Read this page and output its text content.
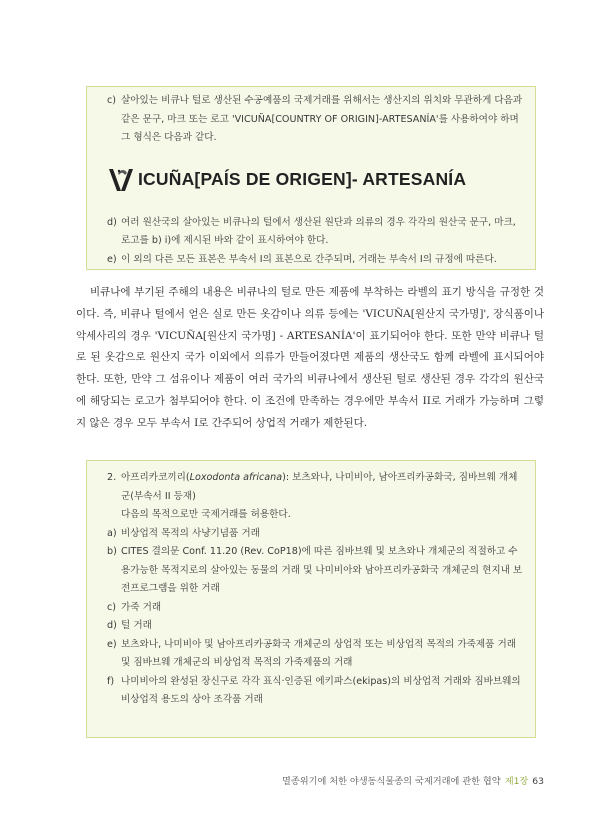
c) 살아있는 비큐나 털로 생산된 수공예품의 국제거래를 위해서는 생산지의 위치와 무관하게 다음과 같은 문구, 마크 또는 로고 'VICUÑA[COUNTRY OF ORIGIN]-ARTESANÍA'를 사용하여야 하며 그 형식은 다음과 같다.
ICUÑA[PAÍS DE ORIGEN]- ARTESANÍA
d) 여러 원산국의 살아있는 비큐나의 털에서 생산된 원단과 의류의 경우 각각의 원산국 문구, 마크, 로고를 b) ⅰ)에 제시된 바와 같이 표시하여야 한다.
e) 이 외의 다른 모든 표본은 부속서 I의 표본으로 간주되며, 거래는 부속서 I의 규정에 따른다.

비큐나에 부기된 주해의 내용은 비큐나의 털로 만든 제품에 부착하는 라벨의 표기 방식을 규정한 것이다. 즉, 비큐나 털에서 얻은 실로 만든 옷감이나 의류 등에는 'VICUÑA[원산지 국가명]', 장식품이나 악세사리의 경우 'VICUÑA[원산지 국가명] - ARTESANÍA'이 표기되어야 한다. 또한 만약 비큐나 털로 된 옷감으로 원산지 국가 이외에서 의류가 만들어졌다면 제품의 생산국도 함께 라벨에 표시되어야 한다. 또한, 만약 그 섬유이나 제품이 여러 국가의 비큐나에서 생산된 털로 생산된 경우 각각의 원산국에 해당되는 로고가 첨부되어야 한다. 이 조건에 만족하는 경우에만 부속서 II로 거래가 가능하며 그렇지 않은 경우 모두 부속서 I로 간주되어 상업적 거래가 제한된다.

2. 아프리카코끼리(Loxodonta africana): 보츠와나, 나미비아, 남아프리카공화국, 짐바브웨 개체군(부속서 II 등재)
다음의 목적으로만 국제거래를 허용한다.
a) 비상업적 목적의 사냥기념품 거래
b) CITES 결의문 Conf. 11.20 (Rev. CoP18)에 따른 짐바브웨 및 보츠와나 개체군의 적절하고 수용가능한 목적지로의 살아있는 동물의 거래 및 나미비아와 남아프리카공화국 개체군의 현지내 보전프로그램을 위한 거래
c) 가죽 거래
d) 털 거래
e) 보츠와나, 나미비아 및 남아프리카공화국 개체군의 상업적 또는 비상업적 목적의 가죽제품 거래 및 짐바브웨 개체군의 비상업적 목적의 가죽제품의 거래
f) 나미비아의 완성된 장신구로 각각 표식·인증된 에키파스(ekipas)의 비상업적 거래와 짐바브웨의 비상업적 용도의 상아 조각품 거래
멸종위기에 처한 야생동식물종의 국제거래에 관한 협약 제1장 63
